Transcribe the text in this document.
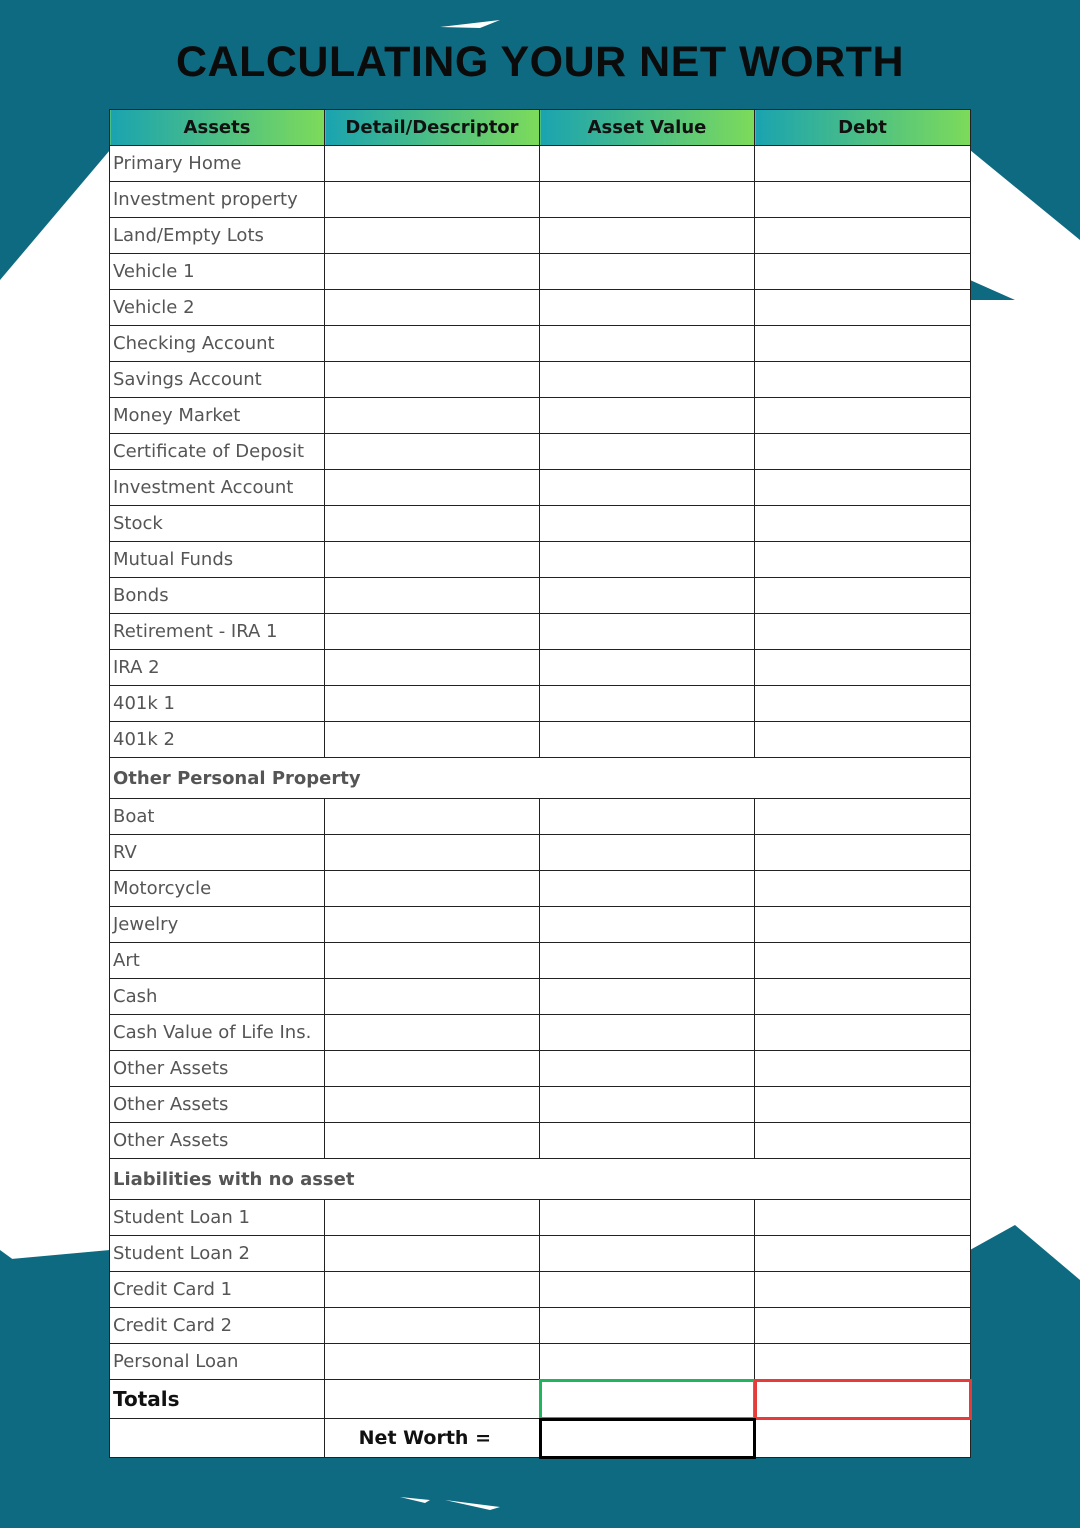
CALCULATING YOUR NET WORTH
Assets	Detail/Descriptor	Asset Value	Debt
Primary Home			
Investment property			
Land/Empty Lots			
Vehicle 1			
Vehicle 2			
Checking Account			
Savings Account			
Money Market			
Certificate of Deposit			
Investment Account			
Stock			
Mutual Funds			
Bonds			
Retirement - IRA 1			
IRA 2			
401k 1			
401k 2			
Other Personal Property			
Boat			
RV			
Motorcycle			
Jewelry			
Art			
Cash			
Cash Value of Life Ins.			
Other Assets			
Other Assets			
Other Assets			
Liabilities with no asset			
Student Loan 1			
Student Loan 2			
Credit Card 1			
Credit Card 2			
Personal Loan			
Totals			
	Net Worth =		
